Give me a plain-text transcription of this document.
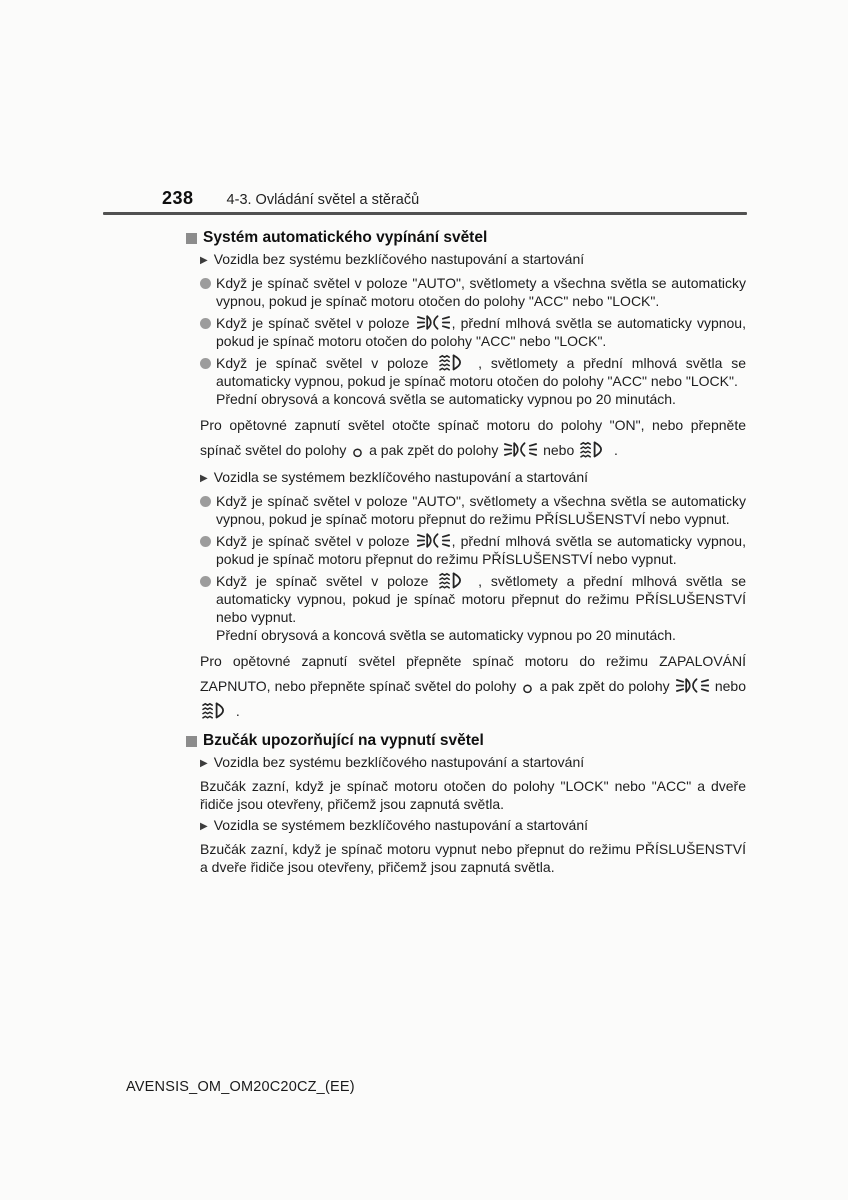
238 4-3. Ovládání světel a stěračů
Systém automatického vypínání světel
▶ Vozidla bez systému bezklíčového nastupování a startování
Když je spínač světel v poloze "AUTO", světlomety a všechna světla se automaticky vypnou, pokud je spínač motoru otočen do polohy "ACC" nebo "LOCK".
Když je spínač světel v poloze	, přední mlhová světla se automaticky vypnou, pokud je spínač motoru otočen do polohy "ACC" nebo "LOCK".
Když je spínač světel v poloze
, světlomety a přední mlhová světla se automaticky vypnou, pokud je spínač motoru otočen do polohy "ACC" nebo "LOCK".
Přední obrysová a koncová světla se automaticky vypnou po 20 minutách.
Pro opětovné zapnutí světel otočte spínač motoru do polohy "ON", nebo přepněte spínač světel do polohy
a pak zpět do polohy	nebo
.
▶ Vozidla se systémem bezklíčového nastupování a startování
Když je spínač světel v poloze "AUTO", světlomety a všechna světla se automaticky vypnou, pokud je spínač motoru přepnut do režimu PŘÍSLUŠENSTVÍ nebo vypnut.
Když je spínač světel v poloze	, přední mlhová světla se automaticky vypnou, pokud je spínač motoru přepnut do režimu PŘÍSLUŠENSTVÍ nebo vypnut.
Když je spínač světel v poloze
, světlomety a přední mlhová světla se automaticky vypnou, pokud je spínač motoru přepnut do režimu PŘÍSLUŠENSTVÍ nebo vypnut.
Přední obrysová a koncová světla se automaticky vypnou po 20 minutách.
Pro opětovné zapnutí světel přepněte spínač motoru do režimu ZAPALOVÁNÍ ZAPNUTO, nebo přepněte spínač světel do polohy
a pak zpět do polohy	nebo
.
Bzučák upozorňující na vypnutí světel
▶ Vozidla bez systému bezklíčového nastupování a startování
Bzučák zazní, když je spínač motoru otočen do polohy "LOCK" nebo "ACC" a dveře řidiče jsou otevřeny, přičemž jsou zapnutá světla.
▶ Vozidla se systémem bezklíčového nastupování a startování
Bzučák zazní, když je spínač motoru vypnut nebo přepnut do režimu PŘÍSLUŠENSTVÍ a dveře řidiče jsou otevřeny, přičemž jsou zapnutá světla.
AVENSIS_OM_OM20C20CZ_(EE)
